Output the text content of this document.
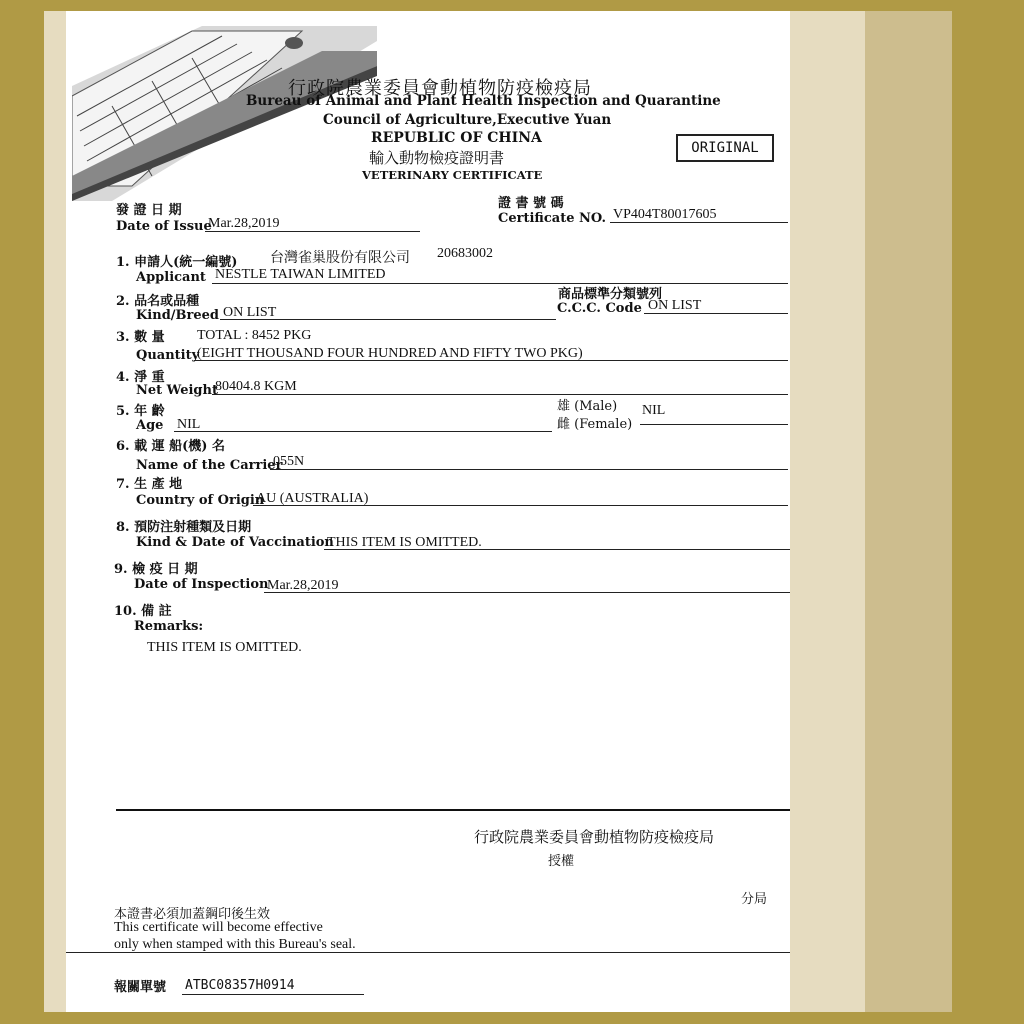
行政院農業委員會動植物防疫檢疫局
Bureau of Animal and Plant Health Inspection and Quarantine
Council of Agriculture,Executive Yuan
REPUBLIC OF CHINA
輸入動物檢疫證明書
VETERINARY CERTIFICATE
ORIGINAL
發 證 日 期
Date of Issue
Mar.28,2019
證 書 號 碼
Certificate NO. VP404T80017605
1. 申請人(統一編號) 台灣雀巢股份有限公司 20683002
Applicant NESTLE TAIWAN LIMITED
2. 品名或品種
Kind/Breed ON LIST
商品標準分類號列
C.C.C. Code ON LIST
3. 數 量 TOTAL : 8452 PKG
Quantity
(EIGHT THOUSAND FOUR HUNDRED AND FIFTY TWO PKG)
4. 淨 重
Net Weight
80404.8 KGM
5. 年 齡
Age NIL
雄 (Male)
雌 (Female)
NIL
6. 載 運 船(機) 名
Name of the Carrier
055N
7. 生 產 地
Country of Origin
AU (AUSTRALIA)
8. 預防注射種類及日期
Kind & Date of Vaccination
THIS ITEM IS OMITTED.
9. 檢 疫 日 期
Date of Inspection
Mar.28,2019
10. 備 註
Remarks:
THIS ITEM IS OMITTED.
行政院農業委員會動植物防疫檢疫局
授權
分局
本證書必須加蓋鋼印後生效
This certificate will become effective
only when stamped with this Bureau's seal.
報關單號 ATBC08357H0914
